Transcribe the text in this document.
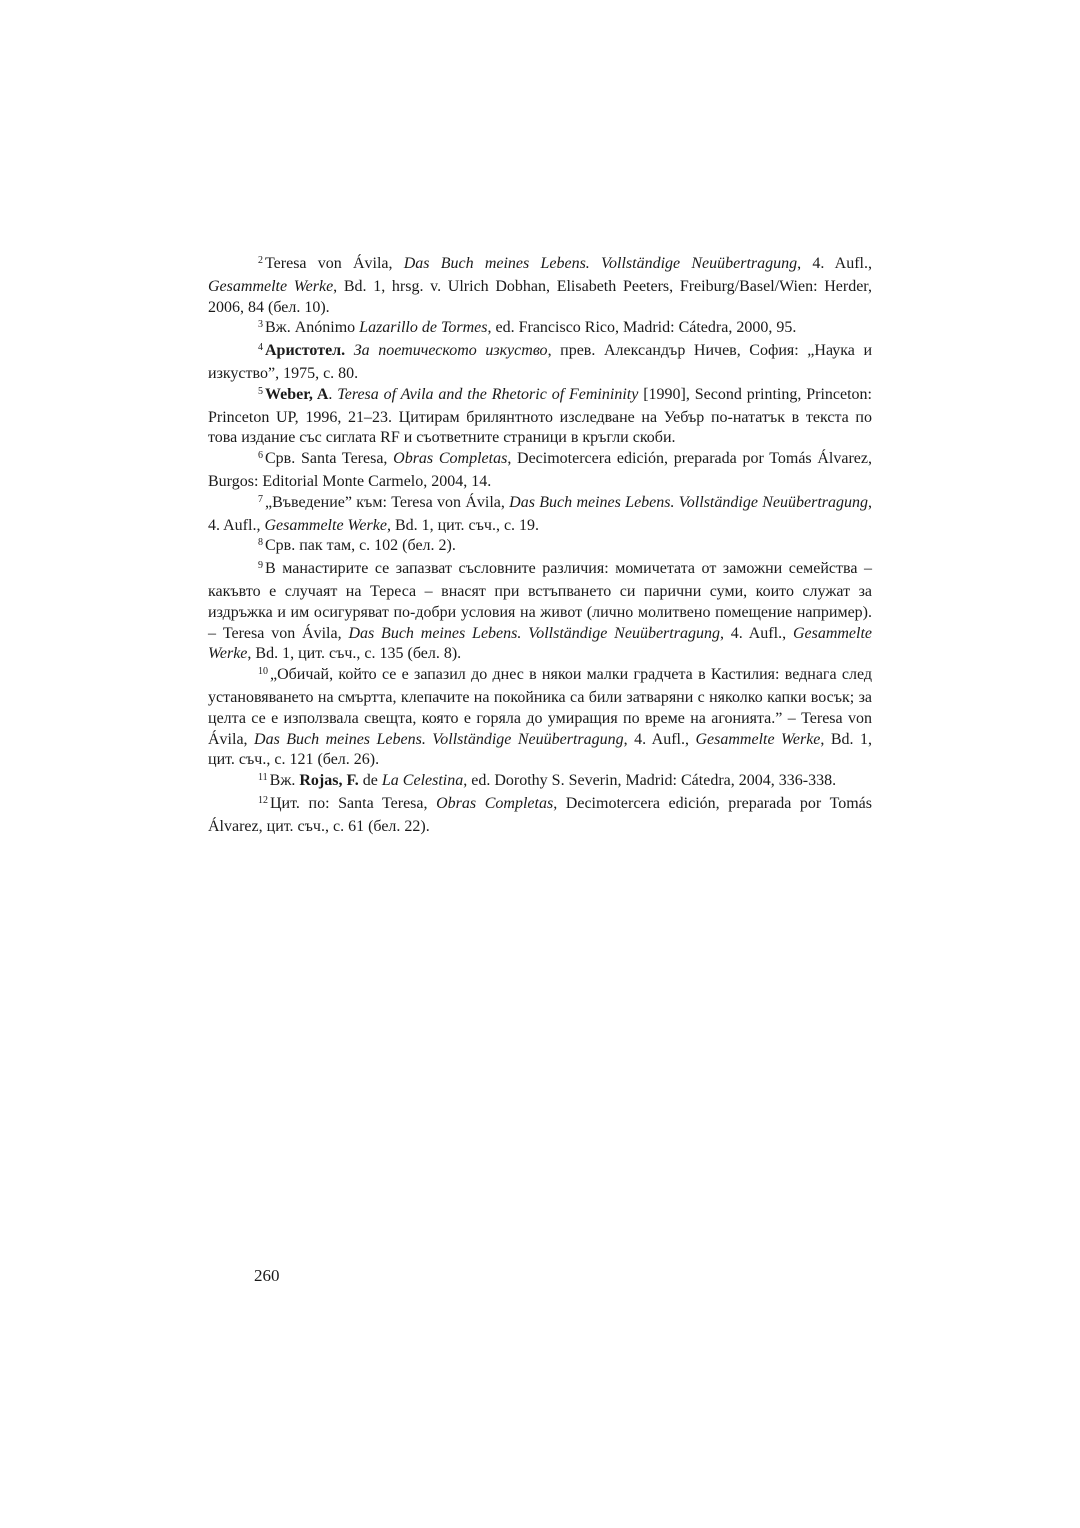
$^2$ Teresa von Ávila, Das Buch meines Lebens. Vollständige Neuübertragung, 4. Aufl., Gesammelte Werke, Bd. 1, hrsg. v. Ulrich Dobhan, Elisabeth Peeters, Freiburg/Basel/Wien: Herder, 2006, 84 (бел. 10).

$^3$ Вж. Anónimo Lazarillo de Tormes, ed. Francisco Rico, Madrid: Cátedra, 2000, 95.

$^4$ Аристотел. За поетическото изкуство, прев. Александър Ничев, София: „Наука и изкуство”, 1975, с. 80.

$^5$ Weber, A. Teresa of Avila and the Rhetoric of Femininity [1990], Second printing, Princeton: Princeton UP, 1996, 21–23. Цитирам брилянтното изследване на Уебър по-нататък в текста по това издание със сиглата RF и съответните страници в кръгли скоби.

$^6$ Срв. Santa Teresa, Obras Completas, Decimotercera edición, preparada por Tomás Álvarez, Burgos: Editorial Monte Carmelo, 2004, 14.

$^7$ „Въведение” към: Teresa von Ávila, Das Buch meines Lebens. Vollständige Neuübertragung, 4. Aufl., Gesammelte Werke, Bd. 1, цит. съч., с. 19.

$^8$ Срв. пак там, с. 102 (бел. 2).

$^9$ В манастирите се запазват съсловните различия: момичетата от заможни семейства – какъвто е случаят на Тереса – внасят при встъпването си парични суми, които служат за издръжка и им осигуряват по-добри условия на живот (лично молитвено помещение например). – Teresa von Ávila, Das Buch meines Lebens. Vollständige Neuübertragung, 4. Aufl., Gesammelte Werke, Bd. 1, цит. съч., с. 135 (бел. 8).

$^{10}$ „Обичай, който се е запазил до днес в някои малки градчета в Кастилия: веднага след установяването на смъртта, клепачите на покойника са били затваряни с няколко капки восък; за целта се е използвала свещта, която е горяла до умиращия по време на агонията.” – Teresa von Ávila, Das Buch meines Lebens. Vollständige Neuübertragung, 4. Aufl., Gesammelte Werke, Bd. 1, цит. съч., с. 121 (бел. 26).

$^{11}$ Вж. Rojas, F. de La Celestina, ed. Dorothy S. Severin, Madrid: Cátedra, 2004, 336-338.

$^{12}$ Цит. по: Santa Teresa, Obras Completas, Decimotercera edición, preparada por Tomás Álvarez, цит. съч., с. 61 (бел. 22).

260
